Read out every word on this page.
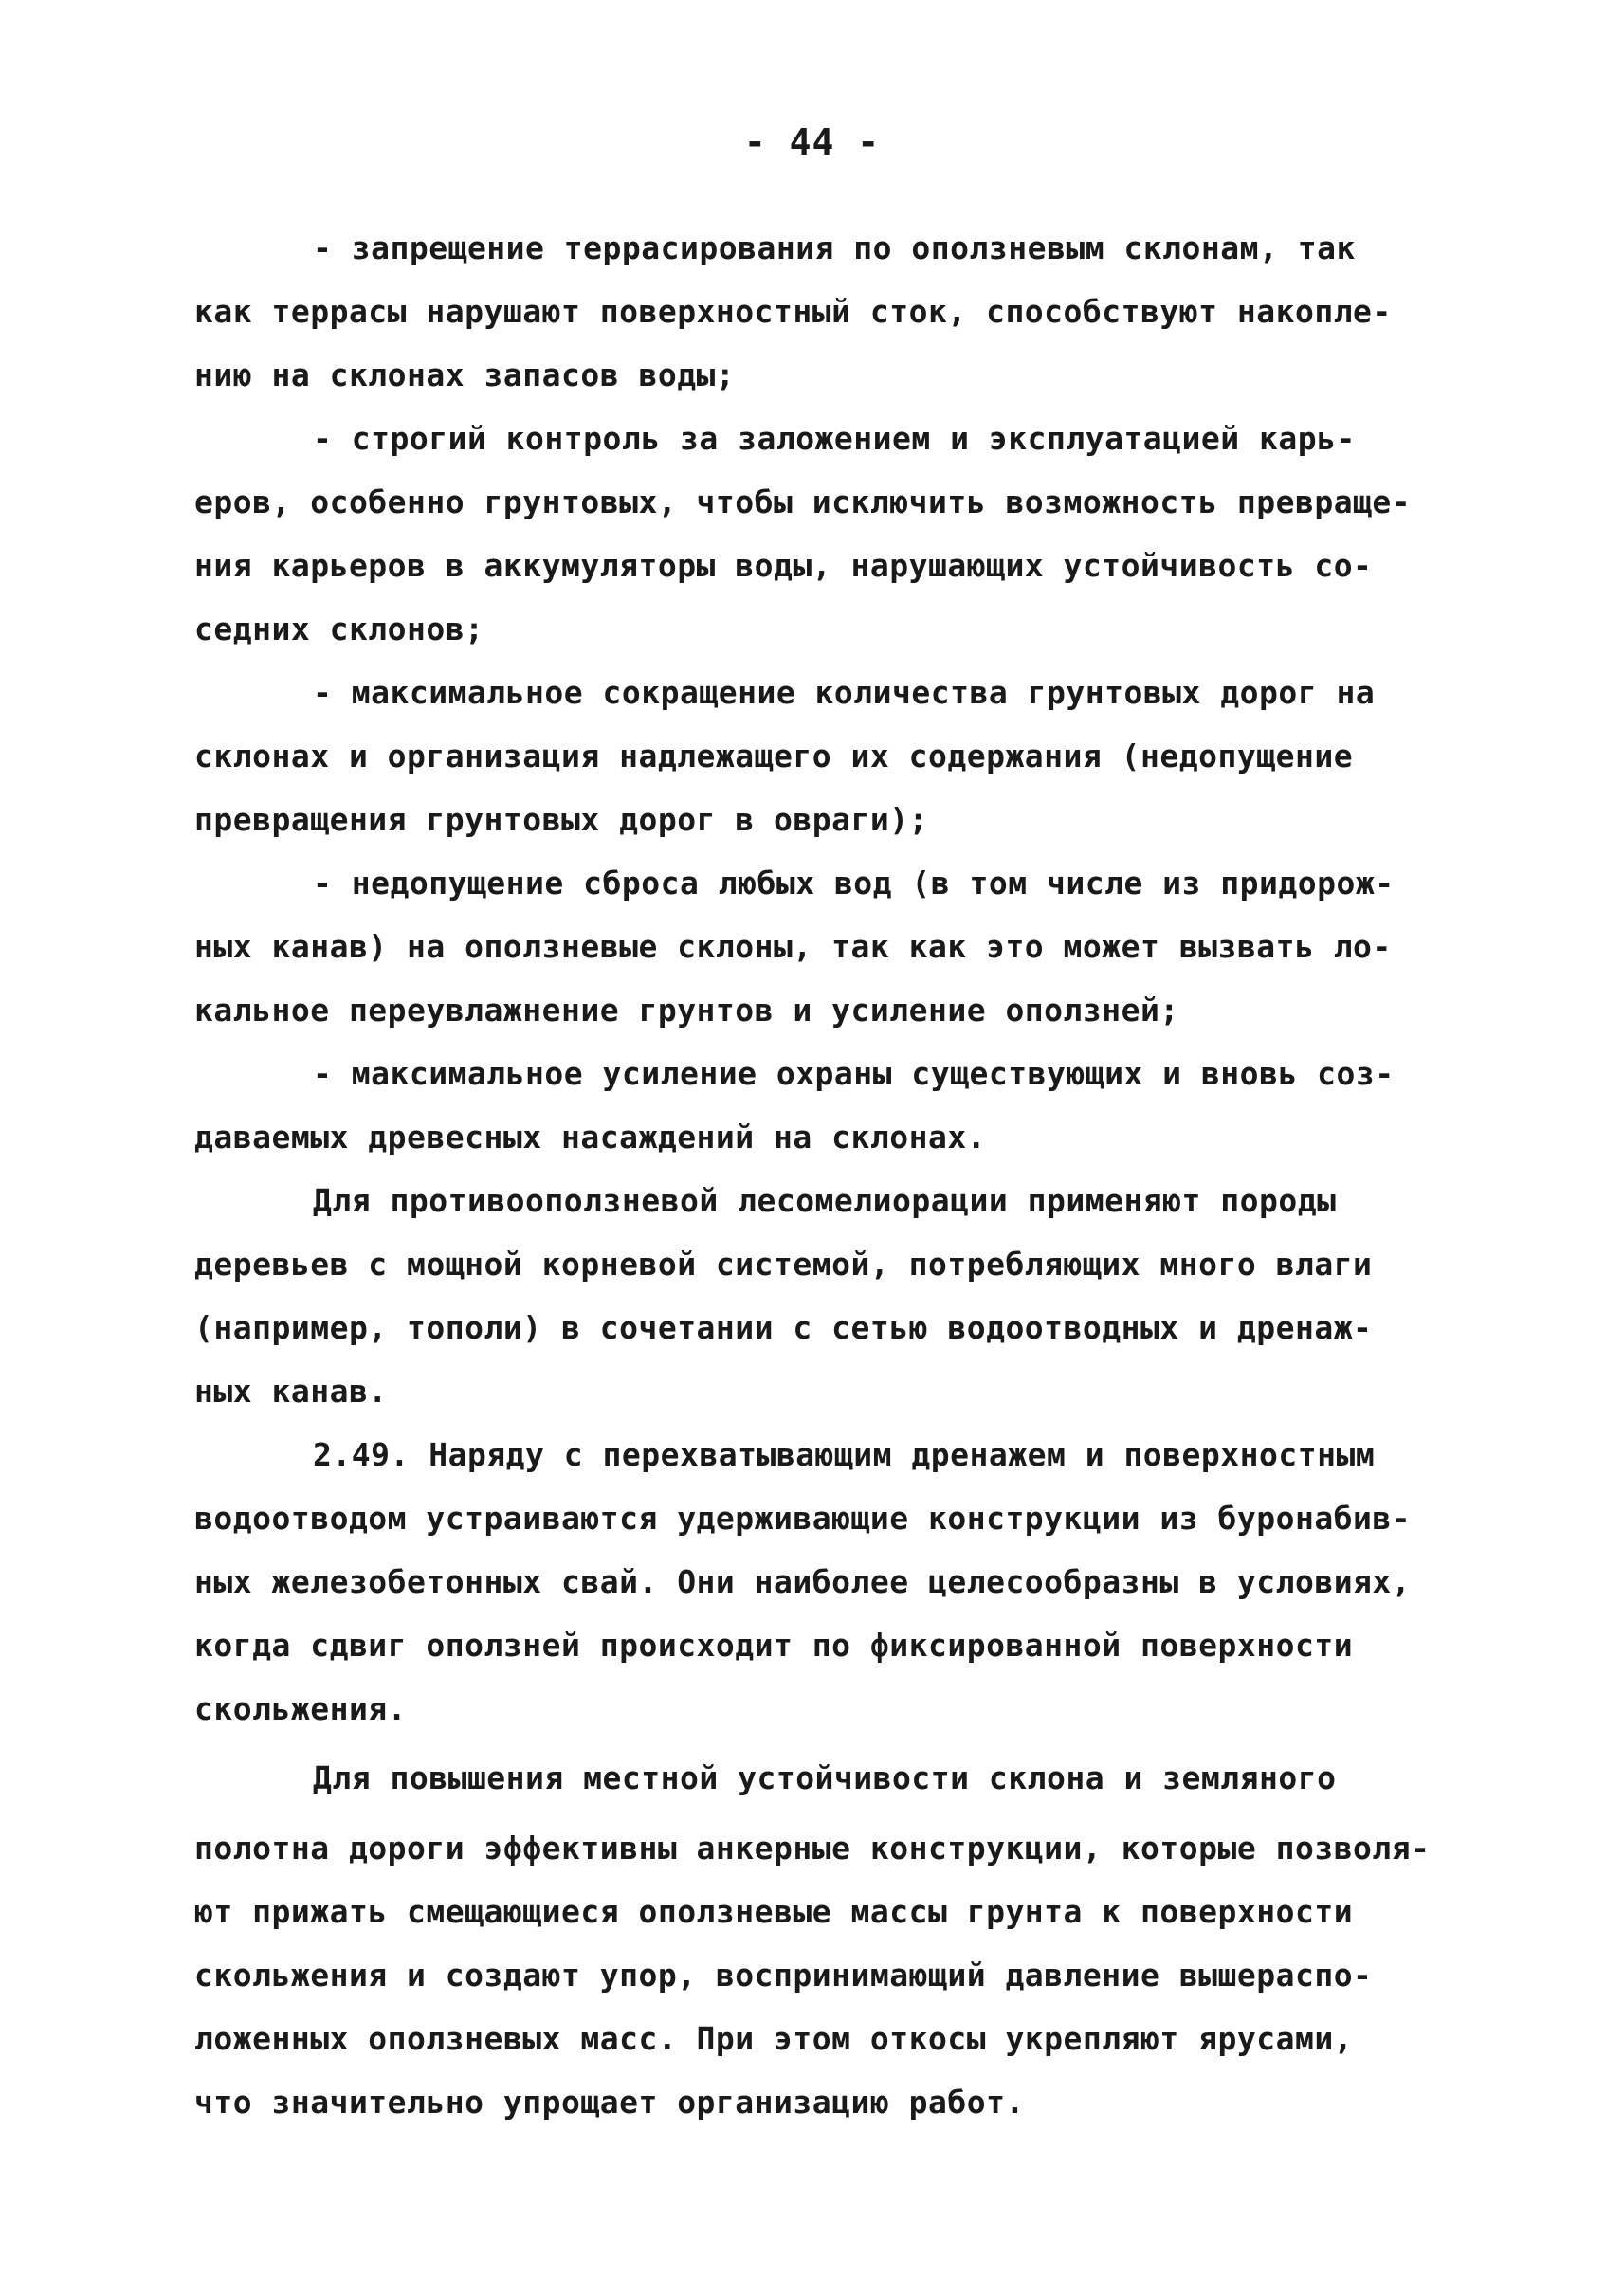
- 44 -
- запрещение террасирования по оползневым склонам, так
как террасы нарушают поверхностный сток, способствуют накопле-
нию на склонах запасов воды;
- строгий контроль за заложением и эксплуатацией карь-
еров, особенно грунтовых, чтобы исключить возможность превраще-
ния карьеров в аккумуляторы воды, нарушающих устойчивость со-
седних склонов;
- максимальное сокращение количества грунтовых дорог на
склонах и организация надлежащего их содержания (недопущение
превращения грунтовых дорог в овраги);
- недопущение сброса любых вод (в том числе из придорож-
ных канав) на оползневые склоны, так как это может вызвать ло-
кальное переувлажнение грунтов и усиление оползней;
- максимальное усиление охраны существующих и вновь соз-
даваемых древесных насаждений на склонах.
Для противооползневой лесомелиорации применяют породы
деревьев с мощной корневой системой, потребляющих много влаги
(например, тополи) в сочетании с сетью водоотводных и дренаж-
ных канав.
2.49. Наряду с перехватывающим дренажем и поверхностным
водоотводом устраиваются удерживающие конструкции из буронабив-
ных железобетонных свай. Они наиболее целесообразны в условиях,
когда сдвиг оползней происходит по фиксированной поверхности
скольжения.
Для повышения местной устойчивости склона и земляного
полотна дороги эффективны анкерные конструкции, которые позволя-
ют прижать смещающиеся оползневые массы грунта к поверхности
скольжения и создают упор, воспринимающий давление вышераспо-
ложенных оползневых масс. При этом откосы укрепляют ярусами,
что значительно упрощает организацию работ.
